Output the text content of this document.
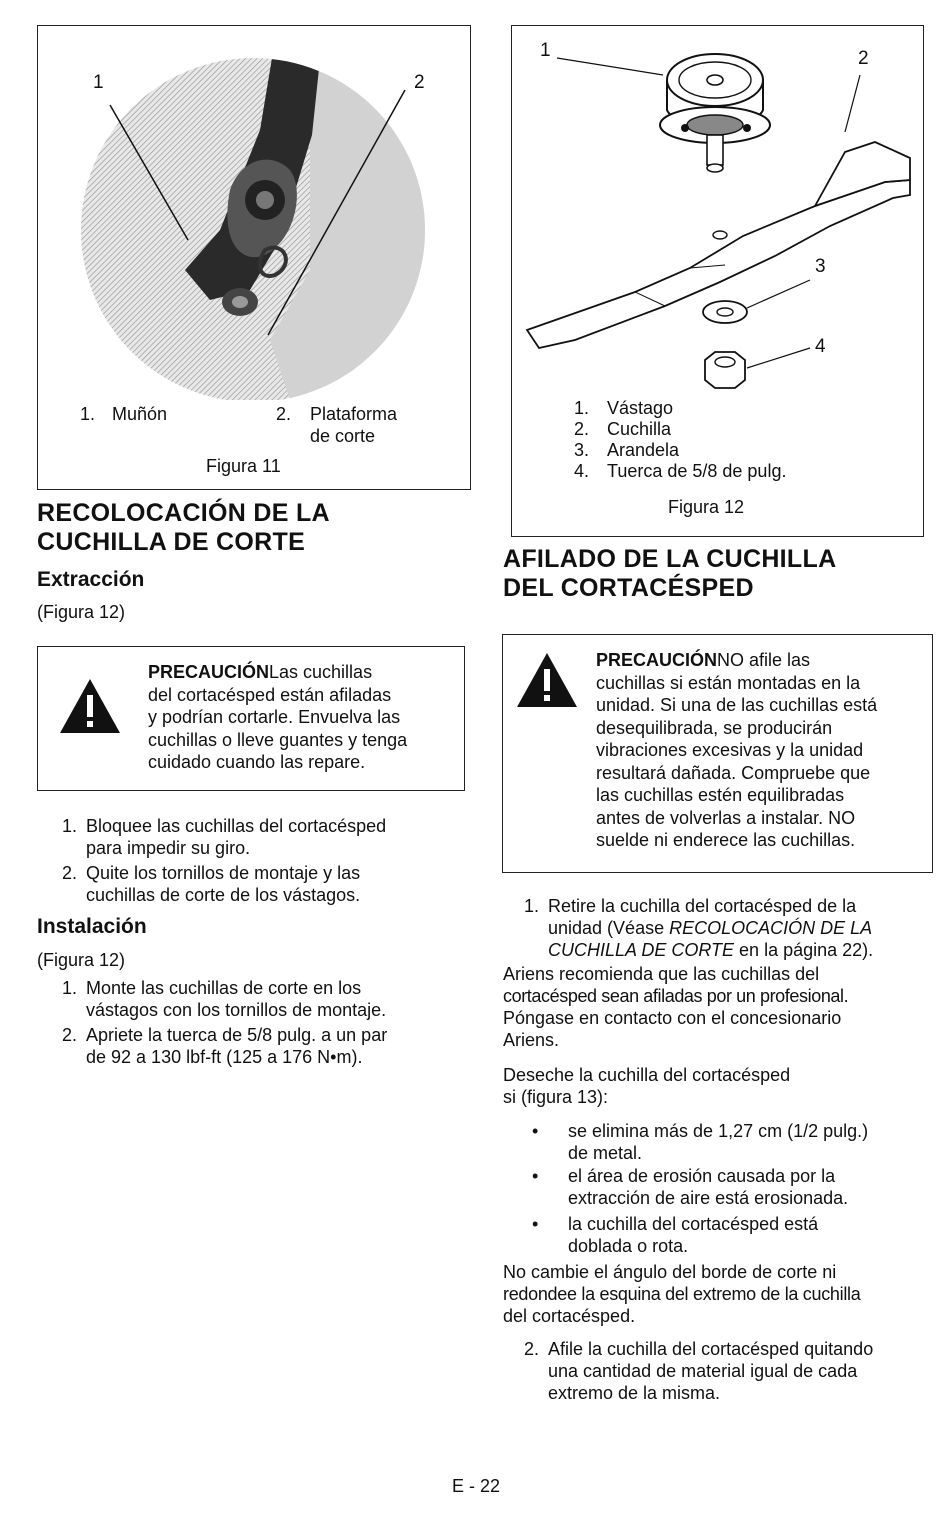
1	2
1. Muñón	2. Plataforma
de corte
Figura 11
1	2
3
4
1. Vástago
2. Cuchilla
3. Arandela
4. Tuerca de 5/8 de pulg.
Figura 12
RECOLOCACIÓN DE LA
CUCHILLA DE CORTE
Extracción
(Figura 12)
PRECAUCIÓNLas cuchillas
del cortacésped están afiladas
y podrían cortarle. Envuelva las
cuchillas o lleve guantes y tenga
cuidado cuando las repare.
1. Bloquee las cuchillas del cortacésped
para impedir su giro.
2. Quite los tornillos de montaje y las
cuchillas de corte de los vástagos.
Instalación
(Figura 12)
1. Monte las cuchillas de corte en los
vástagos con los tornillos de montaje.
2. Apriete la tuerca de 5/8 pulg. a un par
de 92 a 130 lbf-ft (125 a 176 N•m).
AFILADO DE LA CUCHILLA
DEL CORTACÉSPED
PRECAUCIÓNNO afile las
cuchillas si están montadas en la
unidad. Si una de las cuchillas está
desequilibrada, se producirán
vibraciones excesivas y la unidad
resultará dañada. Compruebe que
las cuchillas estén equilibradas
antes de volverlas a instalar. NO
suelde ni enderece las cuchillas.
1. Retire la cuchilla del cortacésped de la
unidad (Véase RECOLOCACIÓN DE LA
CUCHILLA DE CORTE en la página 22).
Ariens recomienda que las cuchillas del
cortacésped sean afiladas por un profesional.
Póngase en contacto con el concesionario
Ariens.
Deseche la cuchilla del cortacésped
si (figura 13):
• se elimina más de 1,27 cm (1/2 pulg.)
de metal.
• el área de erosión causada por la
extracción de aire está erosionada.
• la cuchilla del cortacésped está
doblada o rota.
No cambie el ángulo del borde de corte ni
redondee la esquina del extremo de la cuchilla
del cortacésped.
2. Afile la cuchilla del cortacésped quitando
una cantidad de material igual de cada
extremo de la misma.
E - 22
